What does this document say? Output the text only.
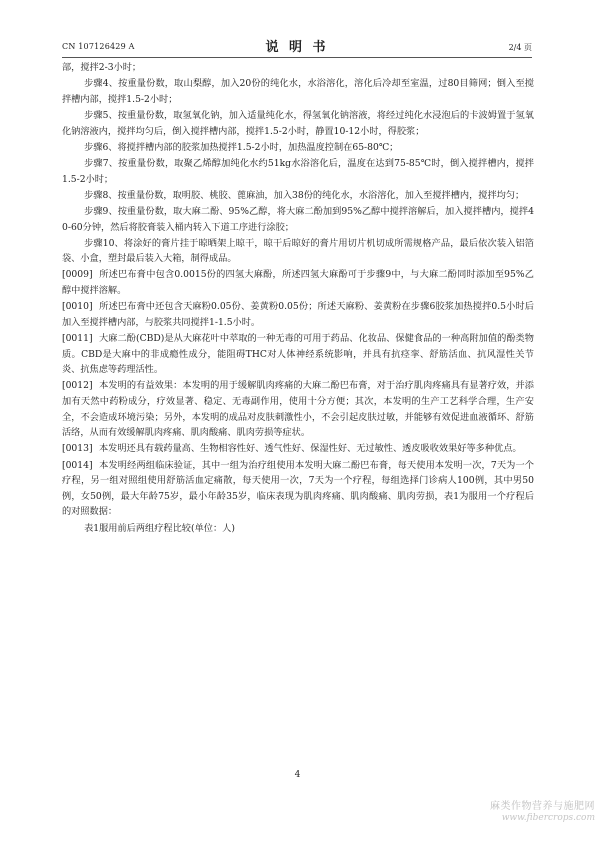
CN 107126429 A	说 明 书	2/4 页

部，搅拌2-3小时；

步骤4、按重量份数，取山梨醇，加入20份的纯化水，水浴溶化，溶化后冷却至室温，过80目筛网；倒入至搅拌槽内部，搅拌1.5-2小时；

步骤5、按重量份数，取氢氧化钠，加入适量纯化水，得氢氧化钠溶液，将经过纯化水浸泡后的卡波姆置于氢氧化钠溶液内，搅拌均匀后，倒入搅拌槽内部，搅拌1.5-2小时，静置10-12小时，得胶浆；

步骤6、将搅拌槽内部的胶浆加热搅拌1.5-2小时，加热温度控制在65-80℃；

步骤7、按重量份数，取聚乙烯醇加纯化水约51kg水浴溶化后，温度在达到75-85℃时，倒入搅拌槽内，搅拌1.5-2小时；

步骤8、按重量份数，取明胶、桃胶、蓖麻油，加入38份的纯化水，水浴溶化，加入至搅拌槽内，搅拌均匀；

步骤9、按重量份数，取大麻二酚、95%乙醇，将大麻二酚加到95%乙醇中搅拌溶解后，加入搅拌槽内，搅拌40-60分钟，然后将胶膏装入桶内转入下道工序进行涂胶；

步骤10、将涂好的膏片挂于晾晒架上晾干，晾干后晾好的膏片用切片机切成所需规格产品，最后依次装入铝箔袋、小盒，塑封最后装入大箱，制得成品。

[0009] 所述巴布膏中包含0.0015份的四氢大麻酚，所述四氢大麻酚可于步骤9中，与大麻二酚同时添加至95%乙醇中搅拌溶解。

[0010] 所述巴布膏中还包含天麻粉0.05份、姜黄粉0.05份；所述天麻粉、姜黄粉在步骤6胶浆加热搅拌0.5小时后加入至搅拌槽内部，与胶浆共同搅拌1-1.5小时。

[0011] 大麻二酚(CBD)是从大麻花叶中萃取的一种无毒的可用于药品、化妆品、保健食品的一种高附加值的酚类物质。CBD是大麻中的非成瘾性成分，能阻碍THC对人体神经系统影响，并具有抗痉挛、舒筋活血、抗风湿性关节炎、抗焦虑等药理活性。

[0012] 本发明的有益效果：本发明的用于缓解肌肉疼痛的大麻二酚巴布膏，对于治疗肌肉疼痛具有显著疗效，并添加有天然中药粉成分，疗效显著、稳定、无毒副作用，使用十分方便；其次，本发明的生产工艺科学合理，生产安全，不会造成环境污染；另外，本发明的成品对皮肤刺激性小，不会引起皮肤过敏，并能够有效促进血液循环、舒筋活络，从而有效缓解肌肉疼痛、肌肉酸痛、肌肉劳损等症状。

[0013] 本发明还具有载药量高、生物相容性好、透气性好、保湿性好、无过敏性、透皮吸收效果好等多种优点。

[0014] 本发明经两组临床验证，其中一组为治疗组使用本发明大麻二酚巴布膏，每天使用本发明一次，7天为一个疗程，另一组对照组使用舒筋活血定痛散，每天使用一次，7天为一个疗程，每组选择门诊病人100例，其中男50例，女50例，最大年龄75岁，最小年龄35岁，临床表现为肌肉疼痛、肌肉酸痛、肌肉劳损，表1为服用一个疗程后的对照数据：

表1服用前后两组疗程比较(单位：人)

4
麻类作物营养与施肥网
www.fibercrops.com
